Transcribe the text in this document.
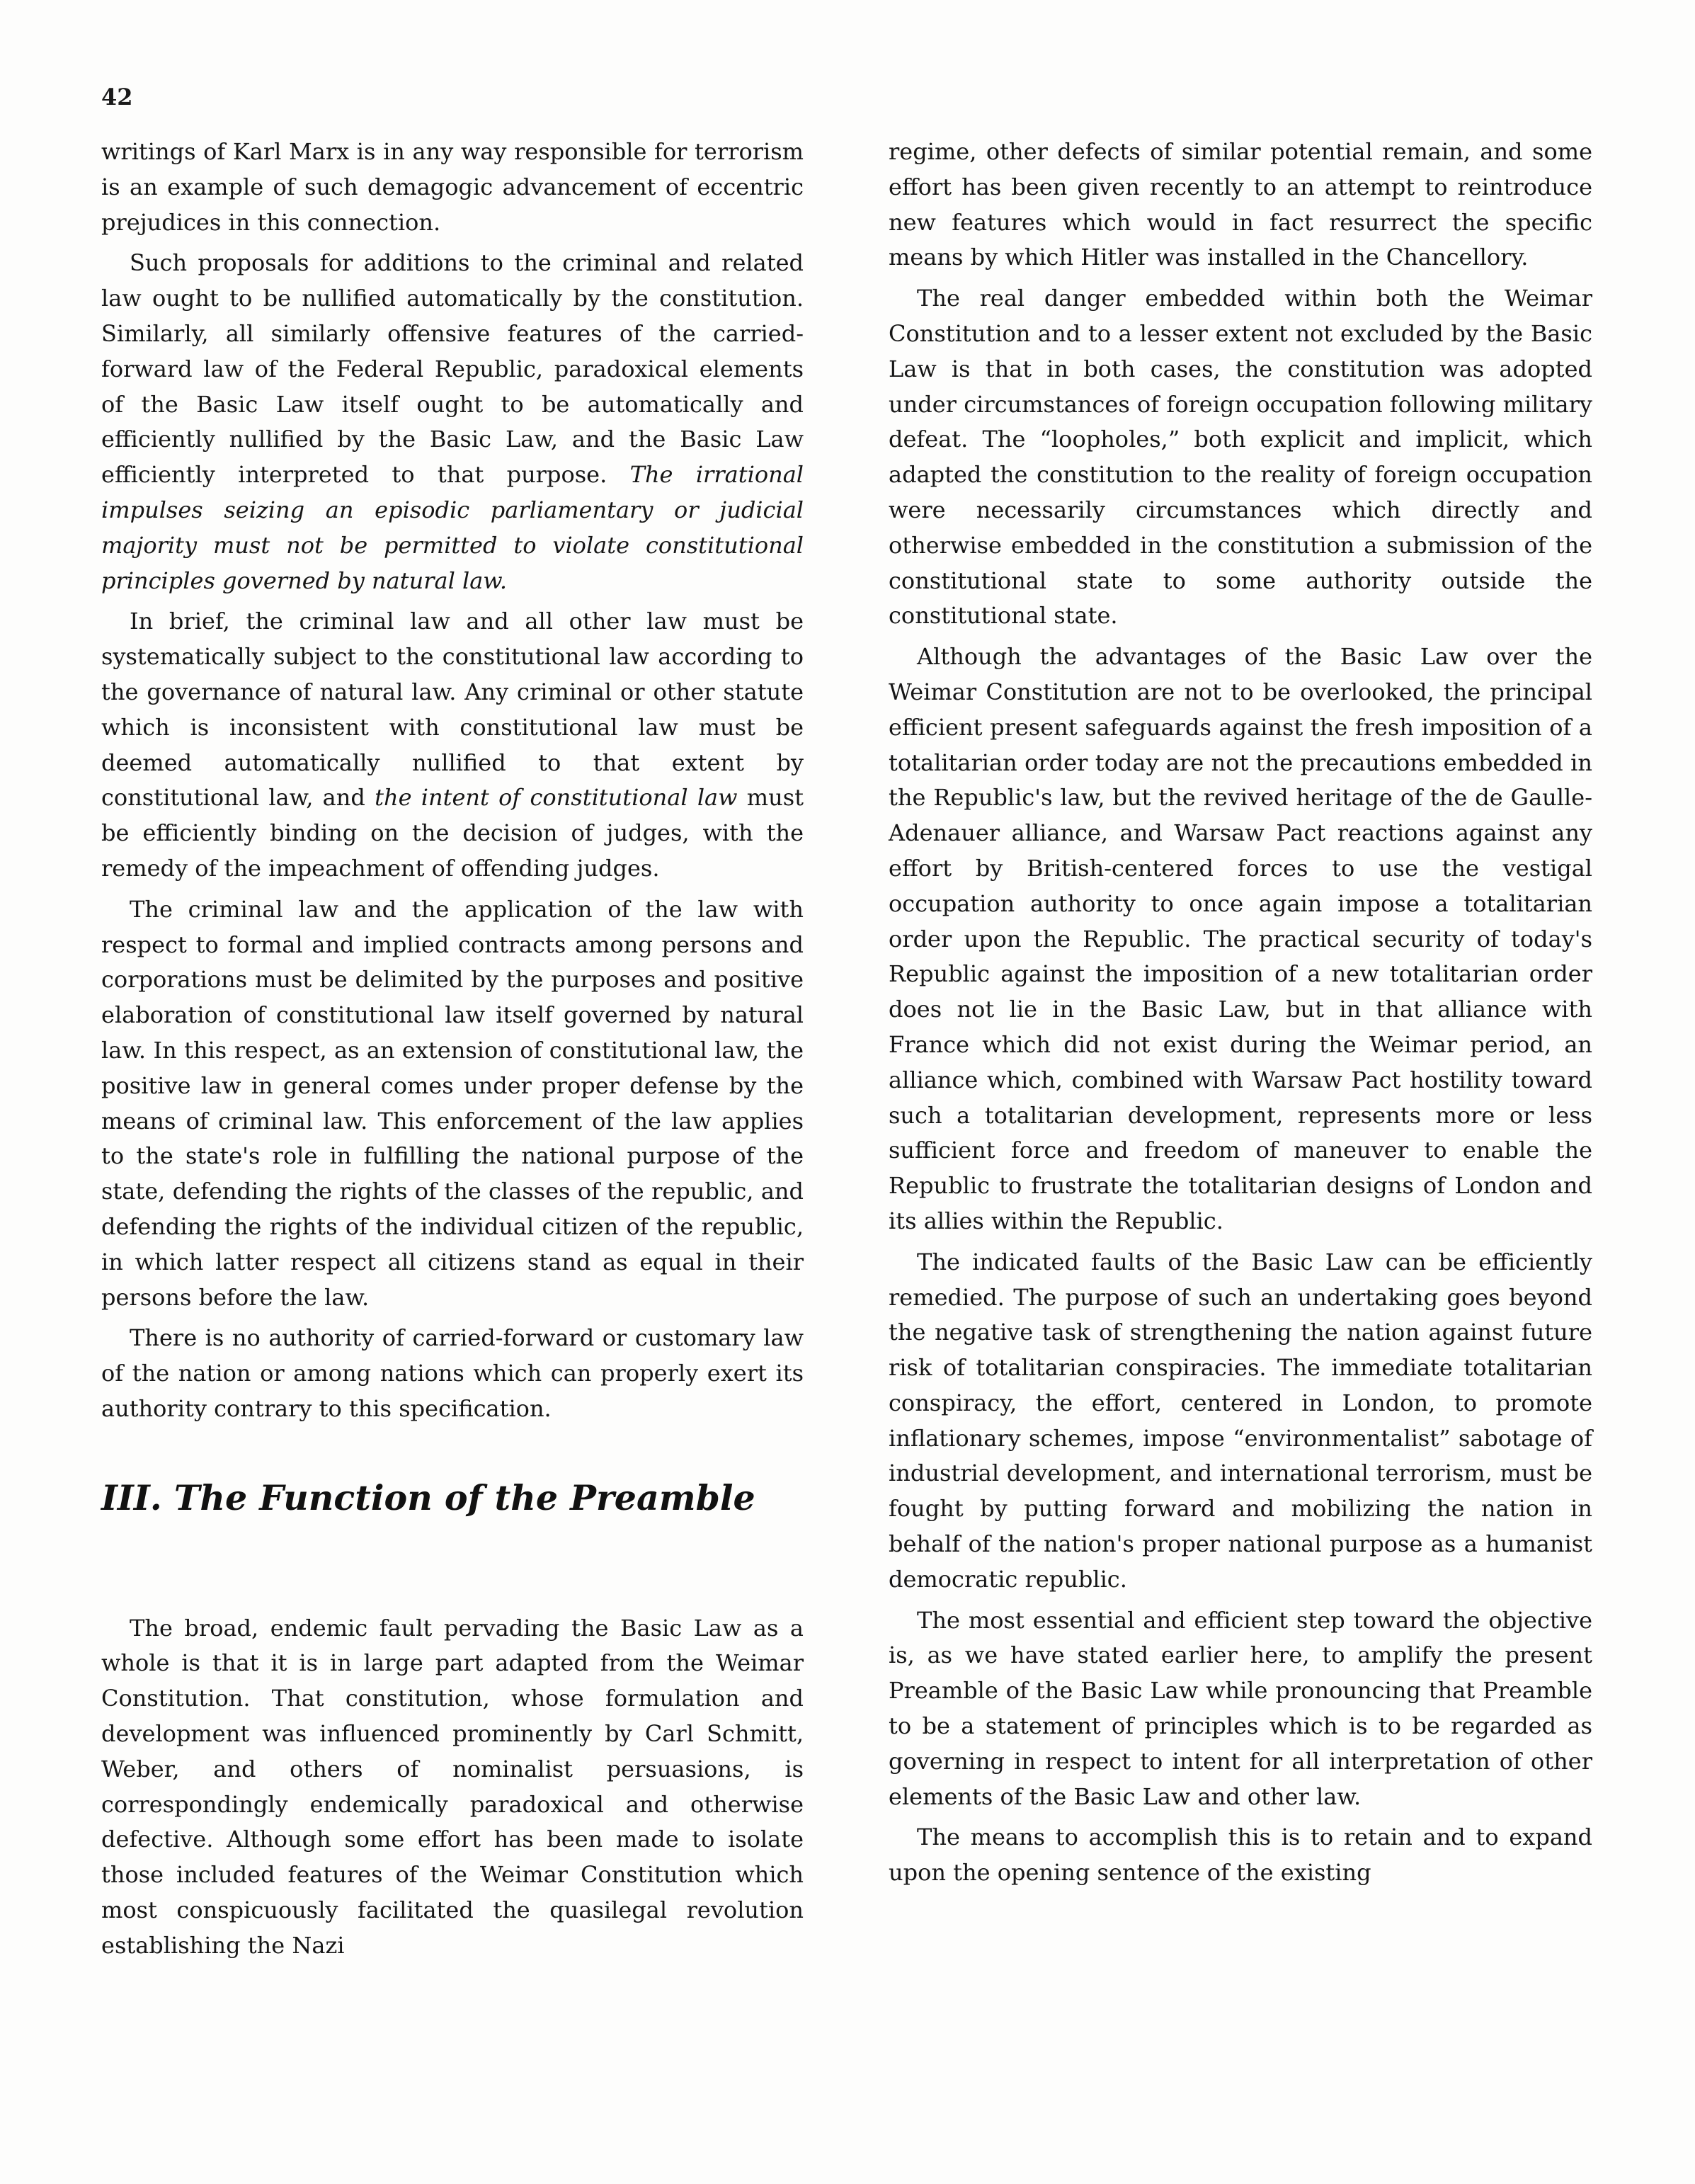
42

writings of Karl Marx is in any way responsible for terrorism is an example of such demagogic advancement of eccentric prejudices in this connection.

Such proposals for additions to the criminal and related law ought to be nullified automatically by the constitution. Similarly, all similarly offensive features of the carried-forward law of the Federal Republic, paradoxical elements of the Basic Law itself ought to be automatically and efficiently nullified by the Basic Law, and the Basic Law efficiently interpreted to that purpose. The irrational impulses seizing an episodic parliamentary or judicial majority must not be permitted to violate constitutional principles governed by natural law.

In brief, the criminal law and all other law must be systematically subject to the constitutional law according to the governance of natural law. Any criminal or other statute which is inconsistent with constitutional law must be deemed automatically nullified to that extent by constitutional law, and the intent of constitutional law must be efficiently binding on the decision of judges, with the remedy of the impeachment of offending judges.

The criminal law and the application of the law with respect to formal and implied contracts among persons and corporations must be delimited by the purposes and positive elaboration of constitutional law itself governed by natural law. In this respect, as an extension of constitutional law, the positive law in general comes under proper defense by the means of criminal law. This enforcement of the law applies to the state's role in fulfilling the national purpose of the state, defending the rights of the classes of the republic, and defending the rights of the individual citizen of the republic, in which latter respect all citizens stand as equal in their persons before the law.

There is no authority of carried-forward or customary law of the nation or among nations which can properly exert its authority contrary to this specification.

III. The Function of the Preamble

The broad, endemic fault pervading the Basic Law as a whole is that it is in large part adapted from the Weimar Constitution. That constitution, whose formulation and development was influenced prominently by Carl Schmitt, Weber, and others of nominalist persuasions, is correspondingly endemically paradoxical and otherwise defective. Although some effort has been made to isolate those included features of the Weimar Constitution which most conspicuously facilitated the quasilegal revolution establishing the Nazi

regime, other defects of similar potential remain, and some effort has been given recently to an attempt to reintroduce new features which would in fact resurrect the specific means by which Hitler was installed in the Chancellory.

The real danger embedded within both the Weimar Constitution and to a lesser extent not excluded by the Basic Law is that in both cases, the constitution was adopted under circumstances of foreign occupation following military defeat. The “loopholes,” both explicit and implicit, which adapted the constitution to the reality of foreign occupation were necessarily circumstances which directly and otherwise embedded in the constitution a submission of the constitutional state to some authority outside the constitutional state.

Although the advantages of the Basic Law over the Weimar Constitution are not to be overlooked, the principal efficient present safeguards against the fresh imposition of a totalitarian order today are not the precautions embedded in the Republic's law, but the revived heritage of the de Gaulle-Adenauer alliance, and Warsaw Pact reactions against any effort by British-centered forces to use the vestigal occupation authority to once again impose a totalitarian order upon the Republic. The practical security of today's Republic against the imposition of a new totalitarian order does not lie in the Basic Law, but in that alliance with France which did not exist during the Weimar period, an alliance which, combined with Warsaw Pact hostility toward such a totalitarian development, represents more or less sufficient force and freedom of maneuver to enable the Republic to frustrate the totalitarian designs of London and its allies within the Republic.

The indicated faults of the Basic Law can be efficiently remedied. The purpose of such an undertaking goes beyond the negative task of strengthening the nation against future risk of totalitarian conspiracies. The immediate totalitarian conspiracy, the effort, centered in London, to promote inflationary schemes, impose “environmentalist” sabotage of industrial development, and international terrorism, must be fought by putting forward and mobilizing the nation in behalf of the nation's proper national purpose as a humanist democratic republic.

The most essential and efficient step toward the objective is, as we have stated earlier here, to amplify the present Preamble of the Basic Law while pronouncing that Preamble to be a statement of principles which is to be regarded as governing in respect to intent for all interpretation of other elements of the Basic Law and other law.

The means to accomplish this is to retain and to expand upon the opening sentence of the existing
